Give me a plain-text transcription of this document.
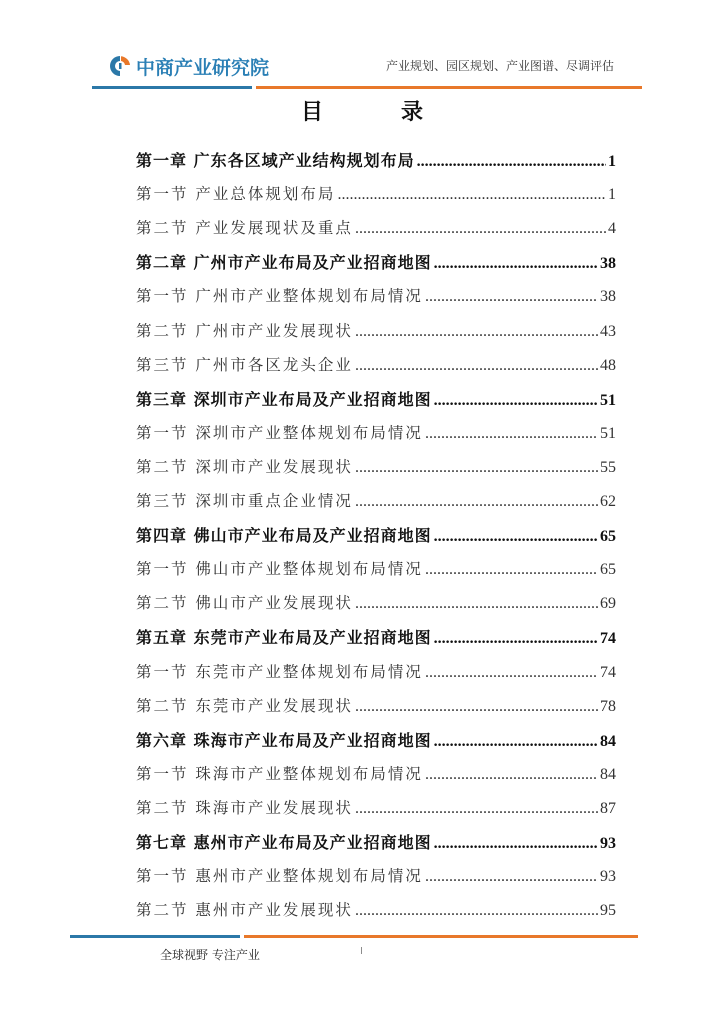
中商产业研究院	产业规划、园区规划、产业图谱、尽调评估
目　录
第一章 广东各区域产业结构规划布局 .....	1
第一节 产业总体规划布局 .....	1
第二节 产业发展现状及重点 .....	4
第二章 广州市产业布局及产业招商地图 .....	38
第一节 广州市产业整体规划布局情况 .....	38
第二节 广州市产业发展现状 .....	43
第三节 广州市各区龙头企业 .....	48
第三章 深圳市产业布局及产业招商地图 .....	51
第一节 深圳市产业整体规划布局情况 .....	51
第二节 深圳市产业发展现状 .....	55
第三节 深圳市重点企业情况 .....	62
第四章 佛山市产业布局及产业招商地图 .....	65
第一节 佛山市产业整体规划布局情况 .....	65
第二节 佛山市产业发展现状 .....	69
第五章 东莞市产业布局及产业招商地图 .....	74
第一节 东莞市产业整体规划布局情况 .....	74
第二节 东莞市产业发展现状 .....	78
第六章 珠海市产业布局及产业招商地图 .....	84
第一节 珠海市产业整体规划布局情况 .....	84
第二节 珠海市产业发展现状 .....	87
第七章 惠州市产业布局及产业招商地图 .....	93
第一节 惠州市产业整体规划布局情况 .....	93
第二节 惠州市产业发展现状 .....	95
全球视野 专注产业	I
